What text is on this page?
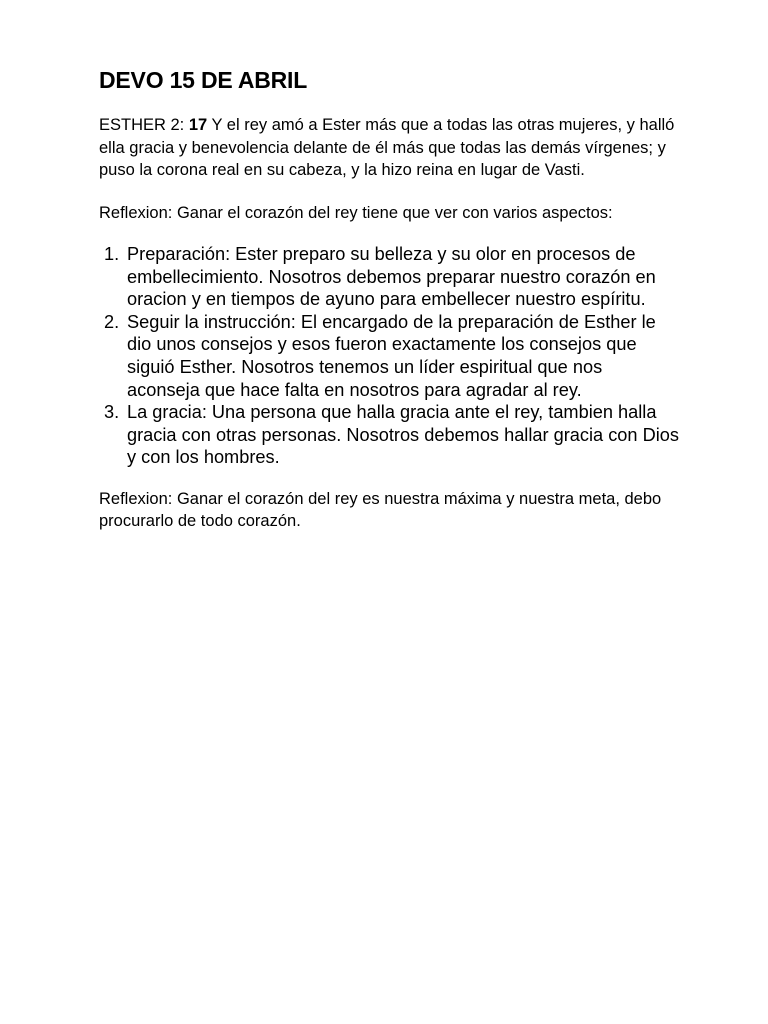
DEVO 15 DE ABRIL

ESTHER 2: 17 Y el rey amó a Ester más que a todas las otras mujeres, y halló ella gracia y benevolencia delante de él más que todas las demás vírgenes; y puso la corona real en su cabeza, y la hizo reina en lugar de Vasti.

Reflexion: Ganar el corazón del rey tiene que ver con varios aspectos:

1. Preparación: Ester preparo su belleza y su olor en procesos de embellecimiento. Nosotros debemos preparar nuestro corazón en oracion y en tiempos de ayuno para embellecer nuestro espíritu.
2. Seguir la instrucción: El encargado de la preparación de Esther le dio unos consejos y esos fueron exactamente los consejos que siguió Esther. Nosotros tenemos un líder espiritual que nos aconseja que hace falta en nosotros para agradar al rey.
3. La gracia: Una persona que halla gracia ante el rey, tambien halla gracia con otras personas. Nosotros debemos hallar gracia con Dios y con los hombres.

Reflexion: Ganar el corazón del rey es nuestra máxima y nuestra meta, debo procurarlo de todo corazón.
